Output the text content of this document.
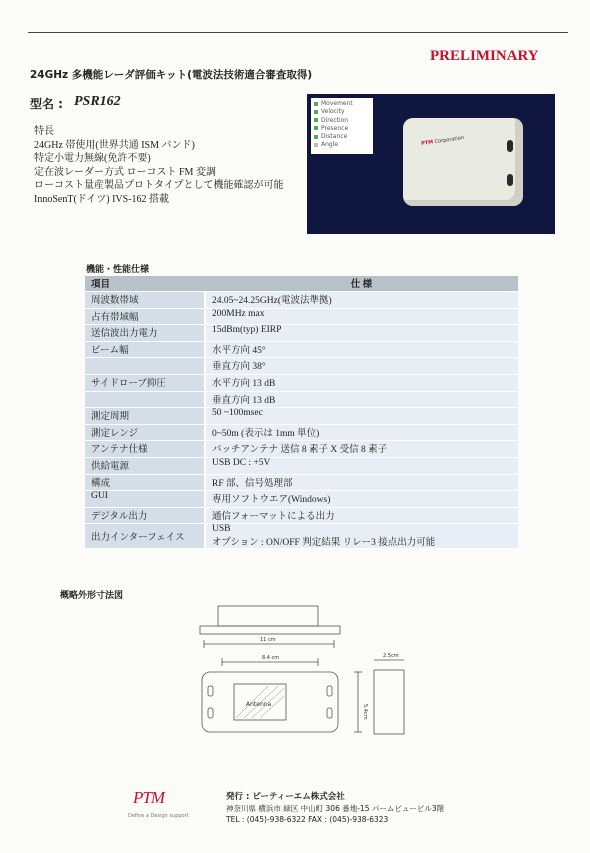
PRELIMINARY
24GHz 多機能レーダ評価キット(電波法技術適合審査取得)
型名 : PSR162
特長
24GHz 帯使用(世界共通 ISM バンド)
特定小電力無線(免許不要)
定在波レーダー方式 ローコスト FM 変調
ローコスト量産製品プロトタイプとして機能確認が可能
InnoSenT(ドイツ) IVS-162 搭載
Movement
Velocity
Direction
Presence
Distance
Angle	PTM Corporation
機能・性能仕様
項目	仕 様
周波数帯域	24.05~24.25GHz(電波法準拠)
占有帯域幅	200MHz max
送信波出力電力	15dBm(typ) EIRP
ビーム幅	水平方向 45°
	垂直方向 38°
サイドローブ抑圧	水平方向 13 dB
	垂直方向 13 dB
測定周期	50 ~100msec
測定レンジ	0~50m (表示は 1mm 単位)
アンテナ仕様	パッチアンテナ 送信 8 素子 X 受信 8 素子
供給電源	USB DC : +5V
構成	RF 部、信号処理部
GUI	専用ソフトウエア(Windows)
デジタル出力	通信フォーマットによる出力
出力インターフェイス	USB
オプション : ON/OFF 判定結果 リレー3 接点出力可能
概略外形寸法図
11 cm
8.4 cm	2.5cm
5.4cm
Antenna
PTM
Define a Design support
発行 : ピーティーエム株式会社
神奈川県 横浜市 緑区 中山町 306 番地-15 パームビュービル3階
TEL : (045)-938-6322 FAX : (045)-938-6323
